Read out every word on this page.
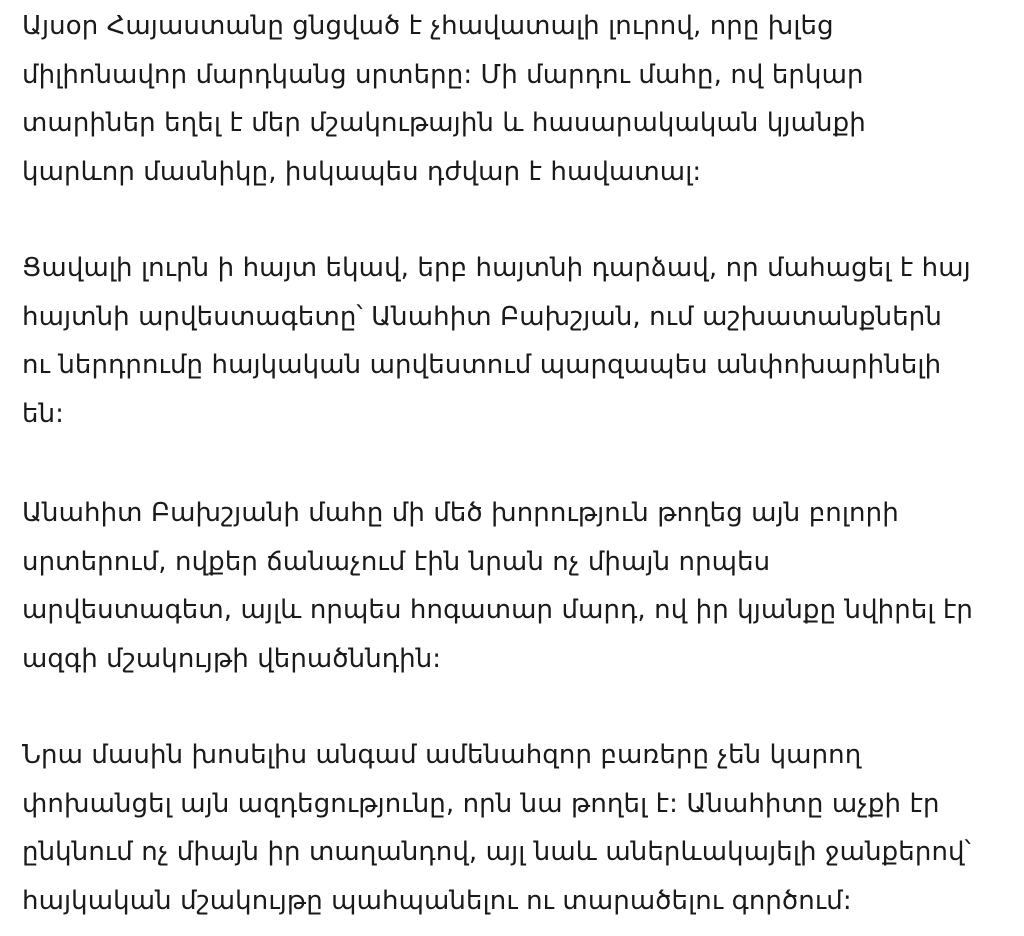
Այսօր Հայաստանը ցնցված է չհավատալի լուրով, որը խլեց
միլիոնավոր մարդկանց սրտերը: Մի մարդու մահը, ով երկար
տարիներ եղել է մեր մշակութային և հասարակական կյանքի
կարևոր մասնիկը, իսկապես դժվար է հավատալ:

Ցավալի լուրն ի հայտ եկավ, երբ հայտնի դարձավ, որ մահացել է հայ
հայտնի արվեստագետը՝ Անահիտ Բախշյան, ում աշխատանքներն
ու ներդրումը հայկական արվեստում պարզապես անփոխարինելի
են:

Անահիտ Բախշյանի մահը մի մեծ խորություն թողեց այն բոլորի
սրտերում, ովքեր ճանաչում էին նրան ոչ միայն որպես
արվեստագետ, այլև որպես հոգատար մարդ, ով իր կյանքը նվիրել էր
ազգի մշակույթի վերածննդին:

Նրա մասին խոսելիս անգամ ամենաhզոր բառերը չեն կարող
փոխանցել այն ազդեցությունը, որն նա թողել է: Անահիտը աչքի էր
ընկնում ոչ միայն իր տաղանդով, այլ նաև աներևակայելի ջանքերով՝
հայկական մշակույթը պահպանելու ու տարածելու գործում:
